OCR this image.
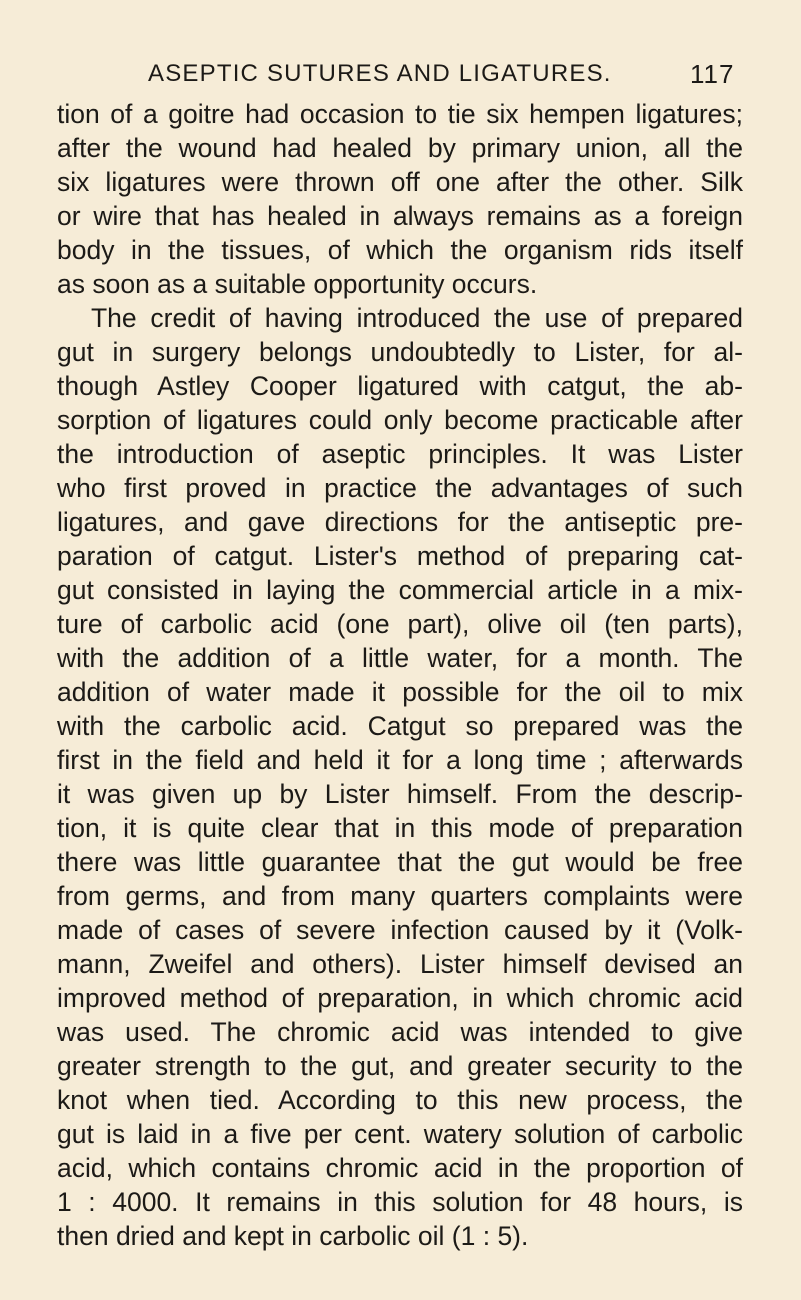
ASEPTIC SUTURES AND LIGATURES.	117
tion of a goitre had occasion to tie six hempen ligatures;
after the wound had healed by primary union, all the
six ligatures were thrown off one after the other. Silk
or wire that has healed in always remains as a foreign
body in the tissues, of which the organism rids itself
as soon as a suitable opportunity occurs.
The credit of having introduced the use of prepared
gut in surgery belongs undoubtedly to Lister, for al-
though Astley Cooper ligatured with catgut, the ab-
sorption of ligatures could only become practicable after
the introduction of aseptic principles. It was Lister
who first proved in practice the advantages of such
ligatures, and gave directions for the antiseptic pre-
paration of catgut. Lister's method of preparing cat-
gut consisted in laying the commercial article in a mix-
ture of carbolic acid (one part), olive oil (ten parts),
with the addition of a little water, for a month. The
addition of water made it possible for the oil to mix
with the carbolic acid. Catgut so prepared was the
first in the field and held it for a long time ; afterwards
it was given up by Lister himself. From the descrip-
tion, it is quite clear that in this mode of preparation
there was little guarantee that the gut would be free
from germs, and from many quarters complaints were
made of cases of severe infection caused by it (Volk-
mann, Zweifel and others). Lister himself devised an
improved method of preparation, in which chromic acid
was used. The chromic acid was intended to give
greater strength to the gut, and greater security to the
knot when tied. According to this new process, the
gut is laid in a five per cent. watery solution of carbolic
acid, which contains chromic acid in the proportion of
1 : 4000. It remains in this solution for 48 hours, is
then dried and kept in carbolic oil (1 : 5).
